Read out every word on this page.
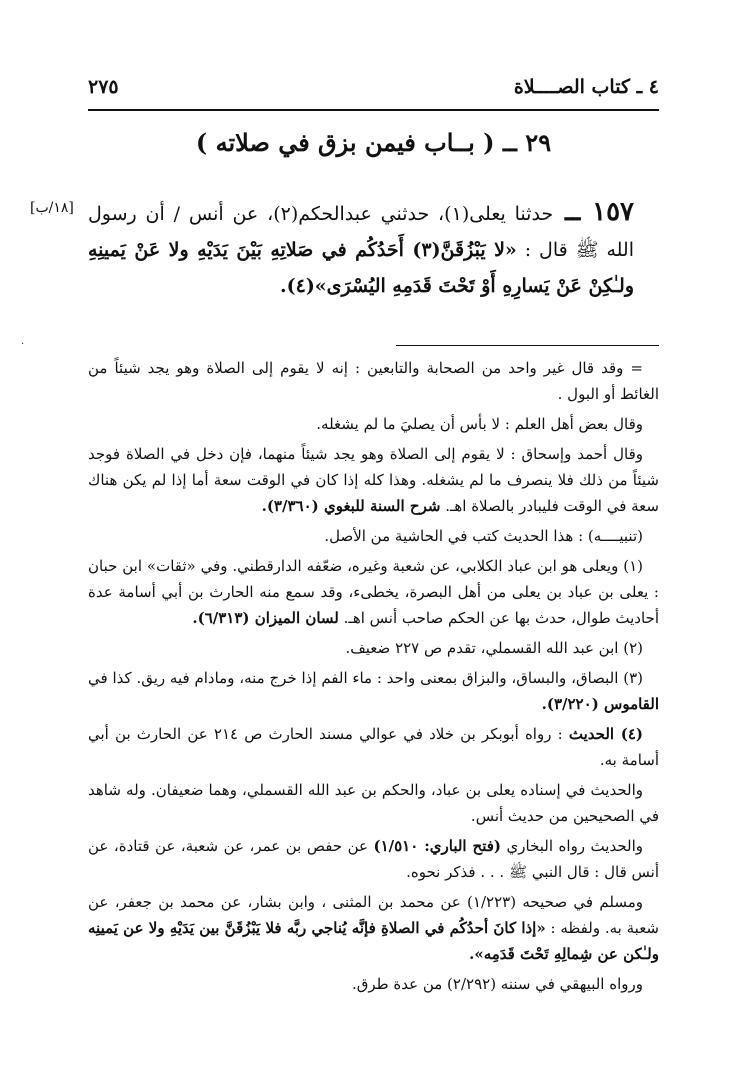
٤ ـ كتاب الصــــلاة
٢٧٥
٢٩ ــ ( بــاب فيمن بزق في صلاته )
[١٨/ب]	١٥٧ ــ حدثنا يعلى(١)، حدثني عبدالحكم(٢)، عن أنس / أن رسول الله ﷺ قال : «لا يَبْزُقَنَّ(٣) أَحَدُكُم في صَلاتِهِ بَيْنَ يَدَيْهِ ولا عَنْ يَمينِهِ ولـٰكِنْ عَنْ يَسارِهِ أَوْ تَحْتَ قَدَمِهِ اليُسْرَى»(٤).
·

= وقد قال غير واحد من الصحابة والتابعين : إنه لا يقوم إلى الصلاة وهو يجد شيئاً من الغائط أو البول .

وقال بعض أهل العلم : لا بأس أن يصليَ ما لم يشغله.

وقال أحمد وإسحاق : لا يقوم إلى الصلاة وهو يجد شيئاً منهما، فإن دخل في الصلاة فوجد شيئاً من ذلك فلا ينصرف ما لم يشغله. وهذا كله إذا كان في الوقت سعة أما إذا لم يكن هناك سعة في الوقت فليبادر بالصلاة اهـ. شرح السنة للبغوي (٣/٣٦٠).

(تنبيــــه) : هذا الحديث كتب في الحاشية من الأصل.

(١) ويعلى هو ابن عباد الكلابي، عن شعبة وغيره، ضعّفه الدارقطني. وفي «ثقات» ابن حبان : يعلى بن عباد بن يعلى من أهل البصرة، يخطىء، وقد سمع منه الحارث بن أبي أسامة عدة أحاديث طوال، حدث بها عن الحكم صاحب أنس اهـ. لسان الميزان (٦/٣١٣).

(٢) ابن عبد الله القسملي، تقدم ص ٢٢٧ ضعيف.

(٣) البصاق، والبساق، والبزاق بمعنى واحد : ماء الفم إذا خرج منه، ومادام فيه ريق. كذا في القاموس (٣/٢٢٠).

(٤) الحديث : رواه أبوبكر بن خلاد في عوالي مسند الحارث ص ٢١٤ عن الحارث بن أبي أسامة به.

والحديث في إسناده يعلى بن عباد، والحكم بن عبد الله القسملي، وهما ضعيفان. وله شاهد في الصحيحين من حديث أنس.

والحديث رواه البخاري (فتح الباري: ١/٥١٠) عن حفص بن عمر، عن شعبة، عن قتادة، عن أنس قال : قال النبي ﷺ . . . فذكر نحوه.

ومسلم في صحيحه (١/٢٢٣) عن محمد بن المثنى ، وابن بشار، عن محمد بن جعفر، عن شعبة به. ولفظه : «إذا كانَ أحدُكُم في الصلاةِ فإنَّه يُناجي ربَّه فلا يَبْزُقَنَّ بين يَدَيْهِ ولا عن يَمينِه ولـٰكن عن شِمالِهِ تَحْتَ قَدَمِه».

ورواه البيهقي في سننه (٢/٢٩٢) من عدة طرق.
